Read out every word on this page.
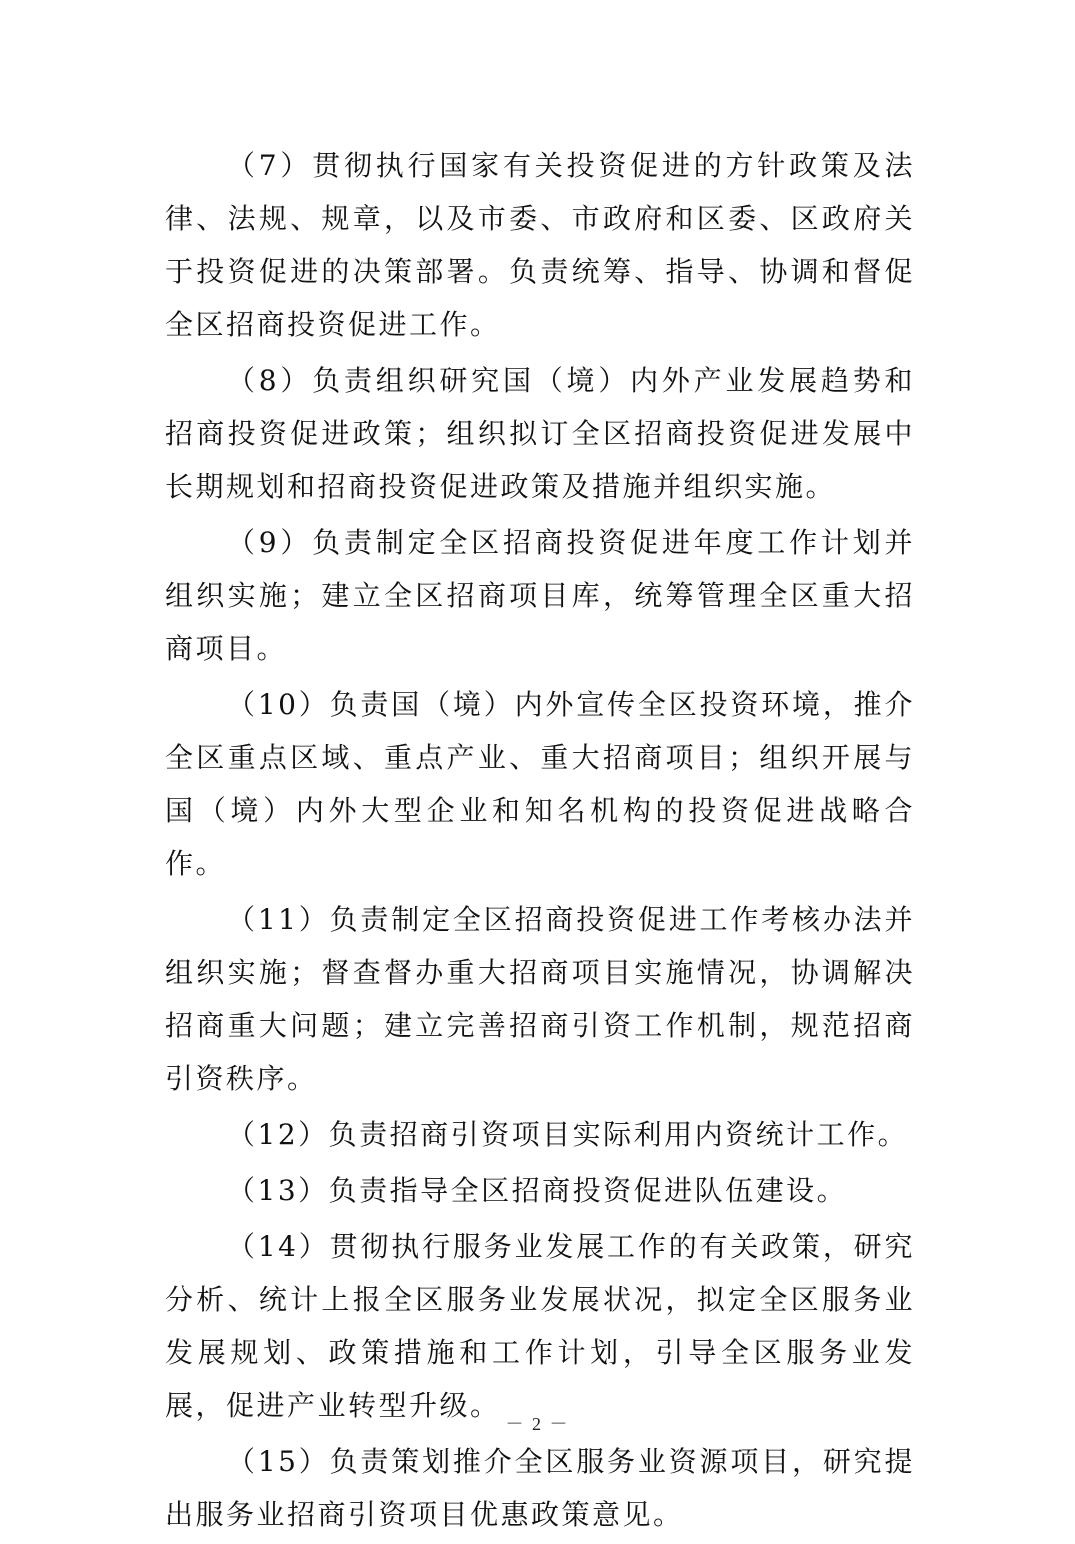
（7）贯彻执行国家有关投资促进的方针政策及法律、法规、规章，以及市委、市政府和区委、区政府关于投资促进的决策部署。负责统筹、指导、协调和督促全区招商投资促进工作。

（8）负责组织研究国（境）内外产业发展趋势和招商投资促进政策；组织拟订全区招商投资促进发展中长期规划和招商投资促进政策及措施并组织实施。

（9）负责制定全区招商投资促进年度工作计划并组织实施；建立全区招商项目库，统筹管理全区重大招商项目。

（10）负责国（境）内外宣传全区投资环境，推介全区重点区域、重点产业、重大招商项目；组织开展与国（境）内外大型企业和知名机构的投资促进战略合作。

（11）负责制定全区招商投资促进工作考核办法并组织实施；督查督办重大招商项目实施情况，协调解决招商重大问题；建立完善招商引资工作机制，规范招商引资秩序。

（12）负责招商引资项目实际利用内资统计工作。

（13）负责指导全区招商投资促进队伍建设。

（14）贯彻执行服务业发展工作的有关政策，研究分析、统计上报全区服务业发展状况，拟定全区服务业发展规划、政策措施和工作计划，引导全区服务业发展，促进产业转型升级。

（15）负责策划推介全区服务业资源项目，研究提出服务业招商引资项目优惠政策意见。

－ 2 －
